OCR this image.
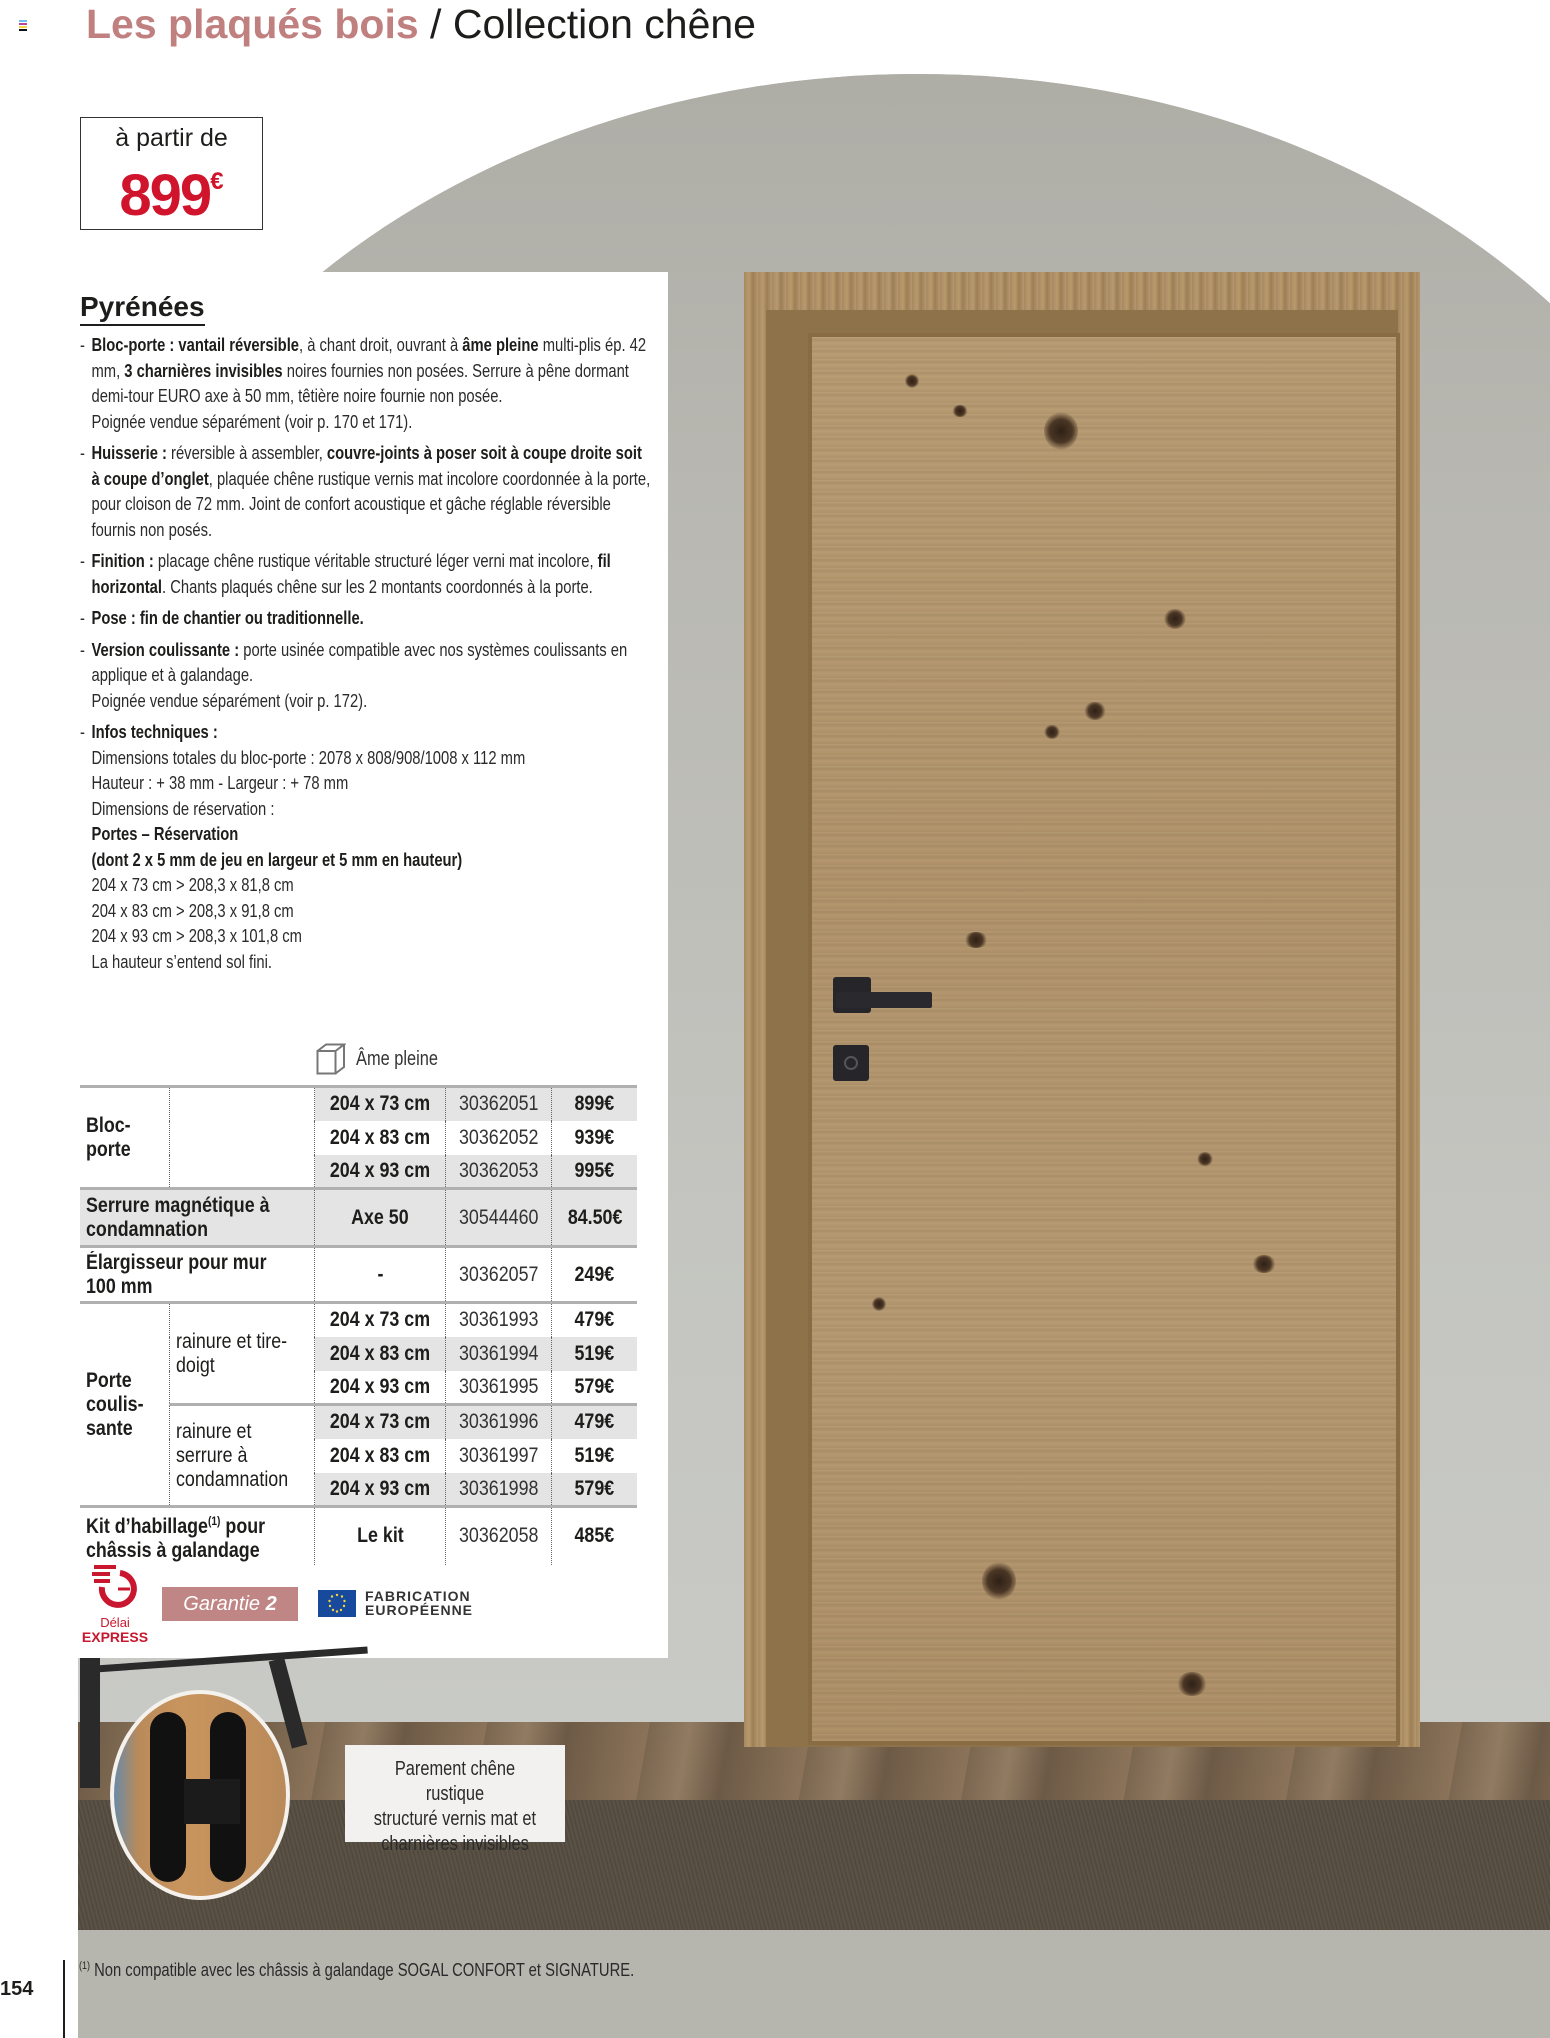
Les plaqués bois / Collection chêne
à partir de
899€
Pyrénées
- Bloc-porte : vantail réversible, à chant droit, ouvrant à âme pleine multi-plis ép. 42 mm, 3 charnières invisibles noires fournies non posées. Serrure à pêne dormant demi-tour EURO axe à 50 mm, têtière noire fournie non posée.
Poignée vendue séparément (voir p. 170 et 171).
- Huisserie : réversible à assembler, couvre-joints à poser soit à coupe droite soit à coupe d’onglet, plaquée chêne rustique vernis mat incolore coordonnée à la porte, pour cloison de 72 mm. Joint de confort acoustique et gâche réglable réversible fournis non posés.
- Finition : placage chêne rustique véritable structuré léger verni mat incolore, fil horizontal. Chants plaqués chêne sur les 2 montants coordonnés à la porte.
- Pose : fin de chantier ou traditionnelle.
- Version coulissante : porte usinée compatible avec nos systèmes coulissants en applique et à galandage.
Poignée vendue séparément (voir p. 172).
- Infos techniques :
Dimensions totales du bloc-porte : 2078 x 808/908/1008 x 112 mm
Hauteur : + 38 mm - Largeur : + 78 mm
Dimensions de réservation :
Portes – Réservation
(dont 2 x 5 mm de jeu en largeur et 5 mm en hauteur)
204 x 73 cm > 208,3 x 81,8 cm
204 x 83 cm > 208,3 x 91,8 cm
204 x 93 cm > 208,3 x 101,8 cm
La hauteur s’entend sol fini.
Âme pleine
Bloc-
porte		204 x 73 cm	30362051	899€
		204 x 83 cm	30362052	939€
		204 x 93 cm	30362053	995€
Serrure magnétique à condamnation		Axe 50	30544460	84.50€
Élargisseur pour mur 100 mm		-	30362057	249€
Porte
coulis-
sante	rainure et tire-doigt	204 x 73 cm	30361993	479€
		204 x 83 cm	30361994	519€
		204 x 93 cm	30361995	579€
	rainure et serrure à condamnation	204 x 73 cm	30361996	479€
		204 x 83 cm	30361997	519€
		204 x 93 cm	30361998	579€
Kit d’habillage$^{(1)}$ pour châssis à galandage		Le kit	30362058	485€
Délai
EXPRESS
Garantie 2 ANS
FABRICATION
EUROPÉENNE
Parement chêne rustique
structuré vernis mat et
charnières invisibles
154
$^{(1)}$ Non compatible avec les châssis à galandage SOGAL CONFORT et SIGNATURE.
